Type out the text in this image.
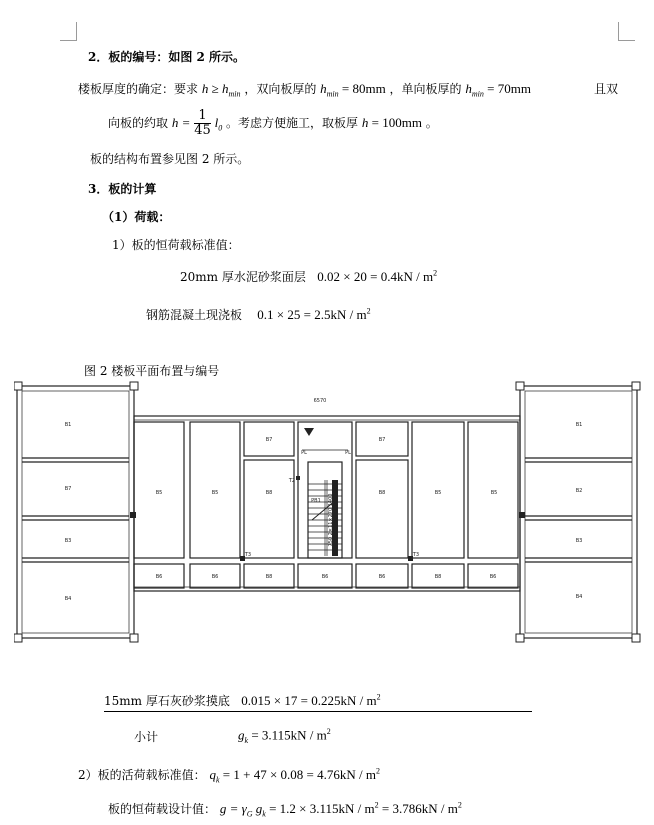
2．板的编号：如图 2 所示。
楼板厚度的确定：要求 $h \ge h_{min}$ ，双向板厚的 $h_{min} = 80mm$ ，单向板厚的 $h_{min} = 70mm$	且双
向板的约取 $h = \frac{1}{45} l_0$ 。考虑方便施工，取板厚 h = 100mm 。
板的结构布置参见图 2 所示。
3．板的计算
（1）荷载：
1）板的恒荷载标准值：
20mm 厚水泥砂浆面层 $0.02 \times 20 = 0.4kN / m^2$
钢筋混凝土现浇板 $0.1 \times 25 = 2.5kN / m^2$
图 2 楼板平面布置与编号
6570
B1
B7
B3
B4
B1
B2
B3
B4
B5	B5	B8	B8	B5	B5
B7	B7
B6	B6	B8	B6	B6	B8	B6
PL	PL
T2
T3	T3
PB1 750 2×11×270 1400
15mm 厚石灰砂浆摸底 $0.015 \times 17 = 0.225kN / m^2$
小计	$g_k = 3.115kN / m^2$
2）板的活荷载标准值： $q_k = 1 + 47 \times 0.08 = 4.76kN / m^2$
板的恒荷载设计值： $g = \gamma_G$ $g_k = 1.2 \times 3.115kN / m^2 = 3.786kN / m^2$
